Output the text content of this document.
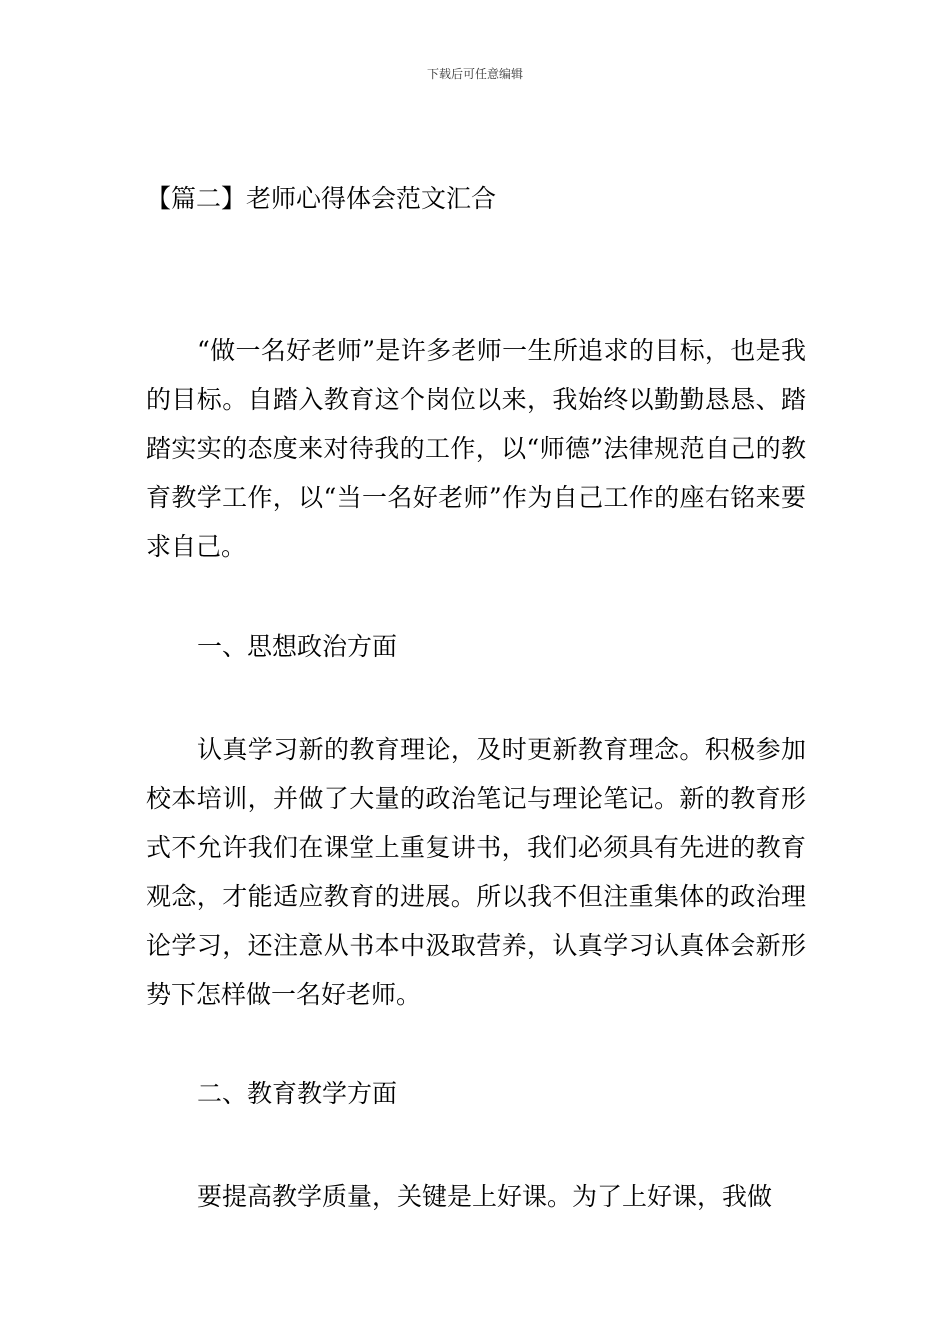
下载后可任意编辑
【篇二】老师心得体会范文汇合

“做一名好老师”是许多老师一生所追求的目标，也是我的目标。自踏入教育这个岗位以来，我始终以勤勤恳恳、踏踏实实的态度来对待我的工作，以“师德”法律规范自己的教育教学工作，以“当一名好老师”作为自己工作的座右铭来要求自己。

一、思想政治方面

认真学习新的教育理论，及时更新教育理念。积极参加校本培训，并做了大量的政治笔记与理论笔记。新的教育形式不允许我们在课堂上重复讲书，我们必须具有先进的教育观念，才能适应教育的进展。所以我不但注重集体的政治理论学习，还注意从书本中汲取营养，认真学习认真体会新形势下怎样做一名好老师。

二、教育教学方面

要提高教学质量，关键是上好课。为了上好课，我做
